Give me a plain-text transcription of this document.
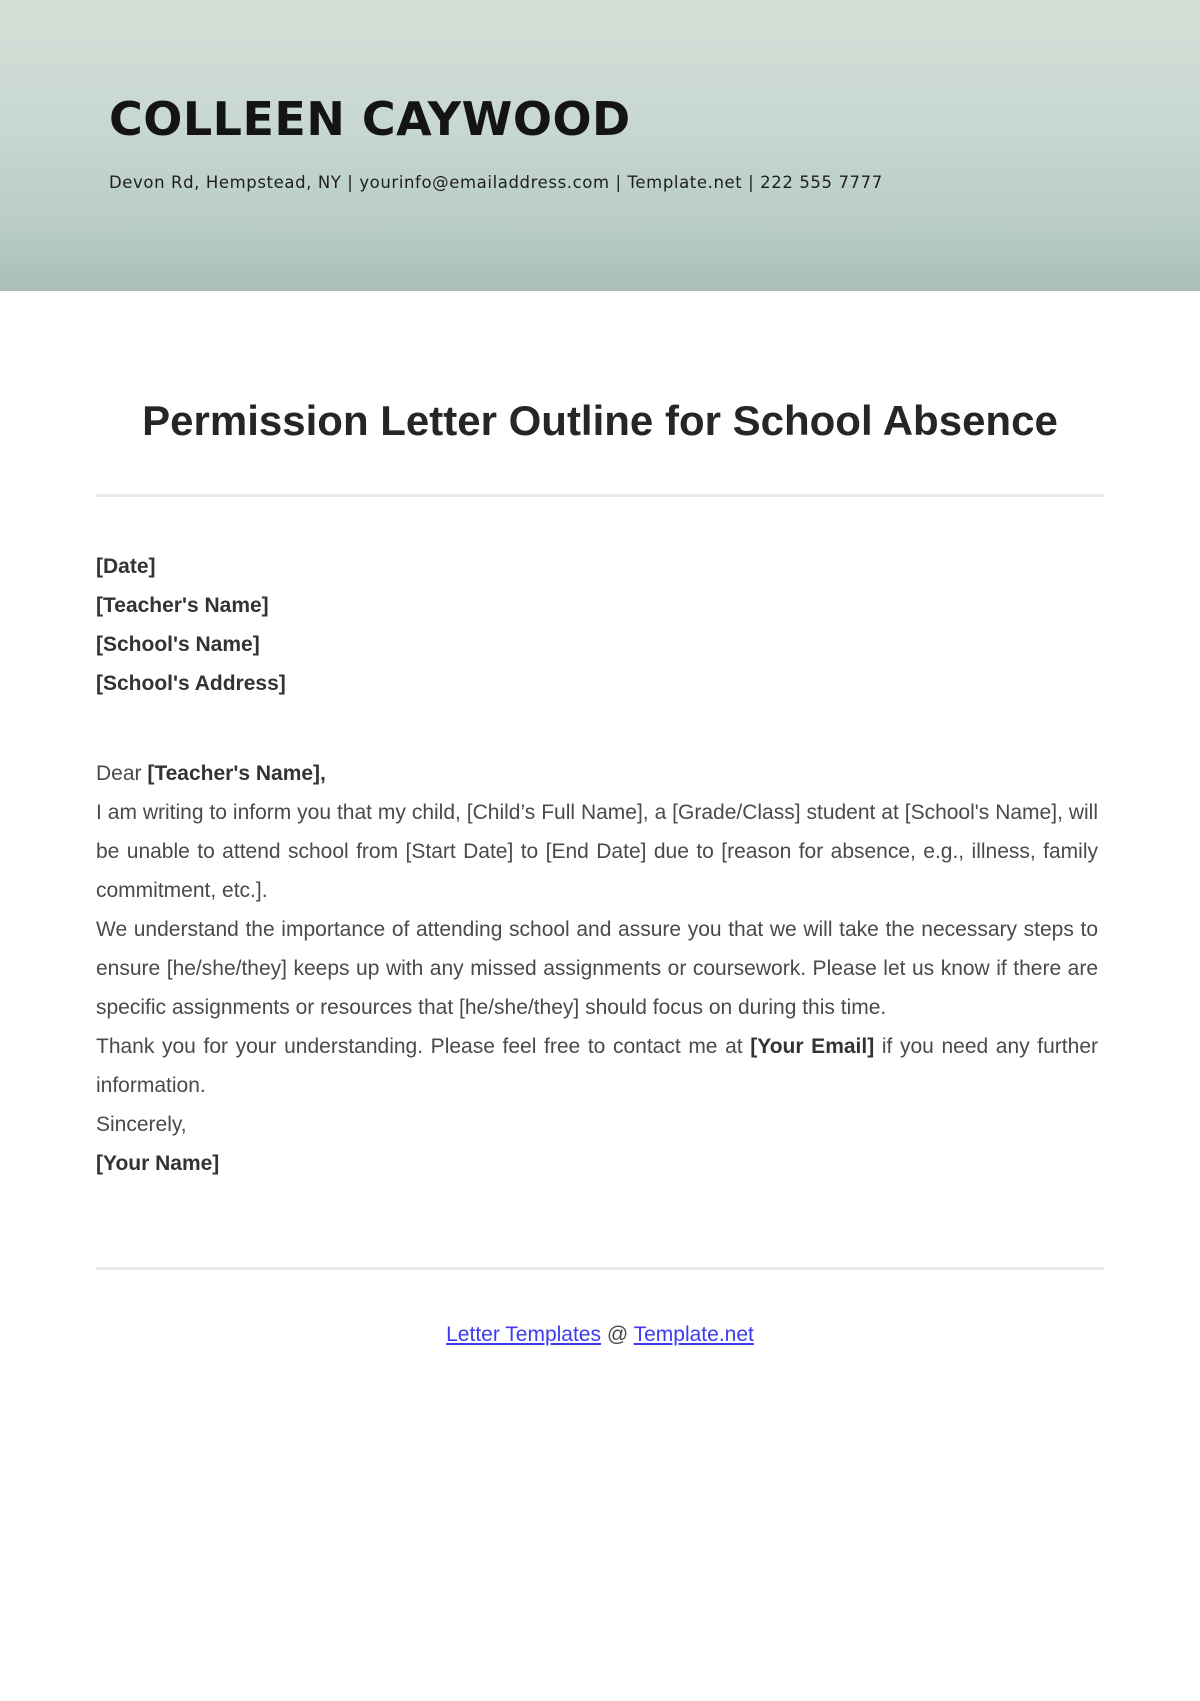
COLLEEN CAYWOOD
Devon Rd, Hempstead, NY | yourinfo@emailaddress.com | Template.net | 222 555 7777
Permission Letter Outline for School Absence

[Date]

[Teacher's Name]

[School's Name]

[School's Address]

Dear [Teacher's Name],

I am writing to inform you that my child, [Child’s Full Name], a [Grade/Class] student at [School's Name], will be unable to attend school from [Start Date] to [End Date] due to [reason for absence, e.g., illness, family commitment, etc.].

We understand the importance of attending school and assure you that we will take the necessary steps to ensure [he/she/they] keeps up with any missed assignments or coursework. Please let us know if there are specific assignments or resources that [he/she/they] should focus on during this time.

Thank you for your understanding. Please feel free to contact me at [Your Email] if you need any further information.

Sincerely,

[Your Name]

Letter Templates @ Template.net
